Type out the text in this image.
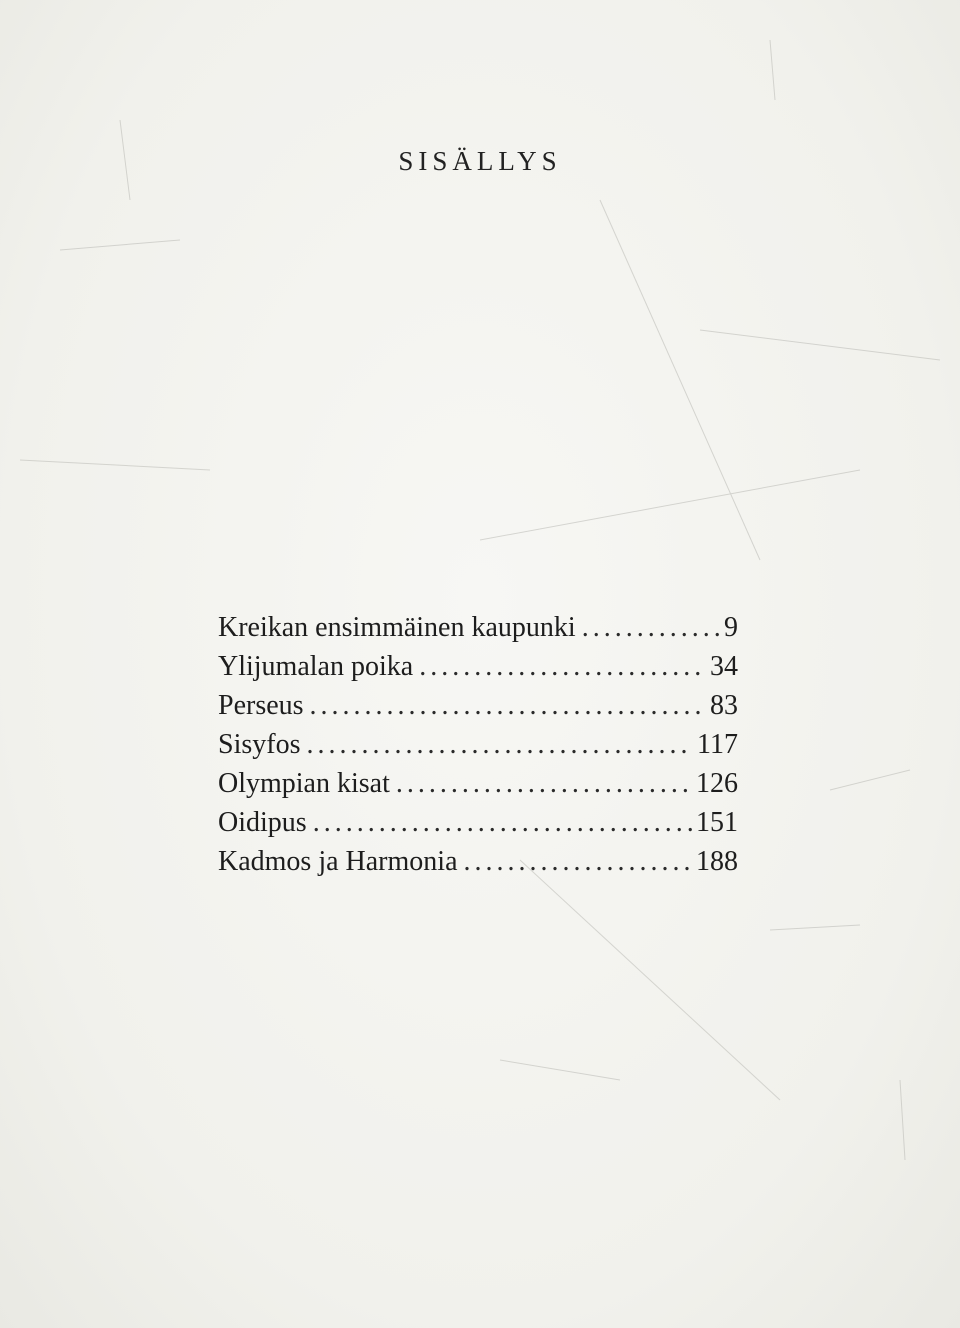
SISÄLLYS
Kreikan ensimmäinen kaupunki .....	9
Ylijumalan poika .....	34
Perseus .....	83
Sisyfos .....	117
Olympian kisat .....	126
Oidipus .....	151
Kadmos ja Harmonia .....	188
